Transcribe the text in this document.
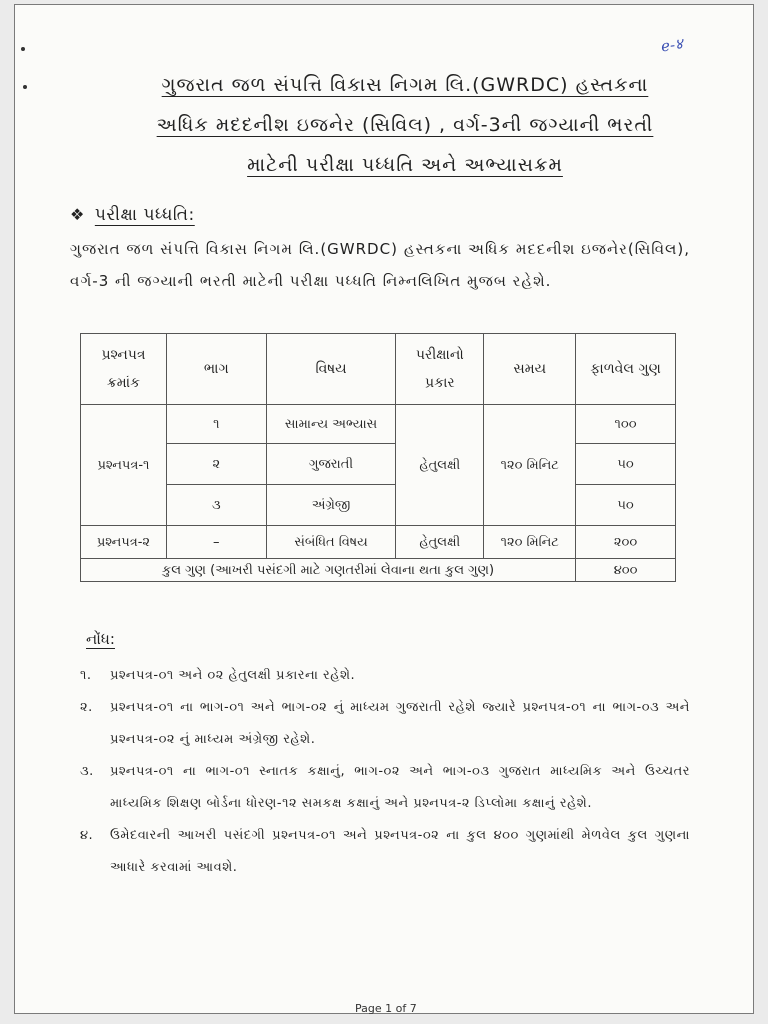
e-४
ગુજરાત જળ સંપત્તિ વિકાસ નિગમ લિ.(GWRDC) હસ્તકના
અધિક મદદનીશ ઇજનેર (સિવિલ) , વર્ગ-3ની જગ્યાની ભરતી
માટેની પરીક્ષા પધ્ધતિ અને અભ્યાસક્રમ
❖ પરીક્ષા પધ્ધતિ:
ગુજરાત જળ સંપત્તિ વિકાસ નિગમ લિ.(GWRDC) હસ્તકના અધિક મદદનીશ ઇજનેર(સિવિલ), વર્ગ-3 ની જગ્યાની ભરતી માટેની પરીક્ષા પધ્ધતિ નિમ્નલિખિત મુજબ રહેશે.
પ્રશ્નપત્ર ક્રમાંક	ભાગ	વિષય	પરીક્ષાનો પ્રકાર	સમય	ફાળવેલ ગુણ
પ્રશ્નપત્ર-૧	૧	સામાન્ય અભ્યાસ	હેતુલક્ષી	૧૨૦ મિનિટ	૧૦૦
	૨	ગુજરાતી			૫૦
	૩	અંગ્રેજી			૫૦
પ્રશ્નપત્ર-૨	–	સંબંધિત વિષય	હેતુલક્ષી	૧૨૦ મિનિટ	૨૦૦
કુલ ગુણ (આખરી પસંદગી માટે ગણતરીમાં લેવાના થતા કુલ ગુણ)					૪૦૦
નોંધ:
૧.	પ્રશ્નપત્ર-૦૧ અને ૦૨ હેતુલક્ષી પ્રકારના રહેશે.
૨.	પ્રશ્નપત્ર-૦૧ ના ભાગ-૦૧ અને ભાગ-૦૨ નું માધ્યમ ગુજરાતી રહેશે જ્યારે પ્રશ્નપત્ર-૦૧ ના ભાગ-૦૩ અને પ્રશ્નપત્ર-૦૨ નું માધ્યમ અંગ્રેજી રહેશે.
૩.	પ્રશ્નપત્ર-૦૧ ના ભાગ-૦૧ સ્નાતક કક્ષાનું, ભાગ-૦૨ અને ભાગ-૦૩ ગુજરાત માધ્યમિક અને ઉચ્ચતર માધ્યમિક શિક્ષણ બોર્ડના ધોરણ-૧૨ સમકક્ષ કક્ષાનું અને પ્રશ્નપત્ર-૨ ડિપ્લોમા કક્ષાનું રહેશે.
૪.	ઉમેદવારની આખરી પસંદગી પ્રશ્નપત્ર-૦૧ અને પ્રશ્નપત્ર-૦૨ ના કુલ ૪૦૦ ગુણમાંથી મેળવેલ કુલ ગુણના આધારે કરવામાં આવશે.
Page 1 of 7
